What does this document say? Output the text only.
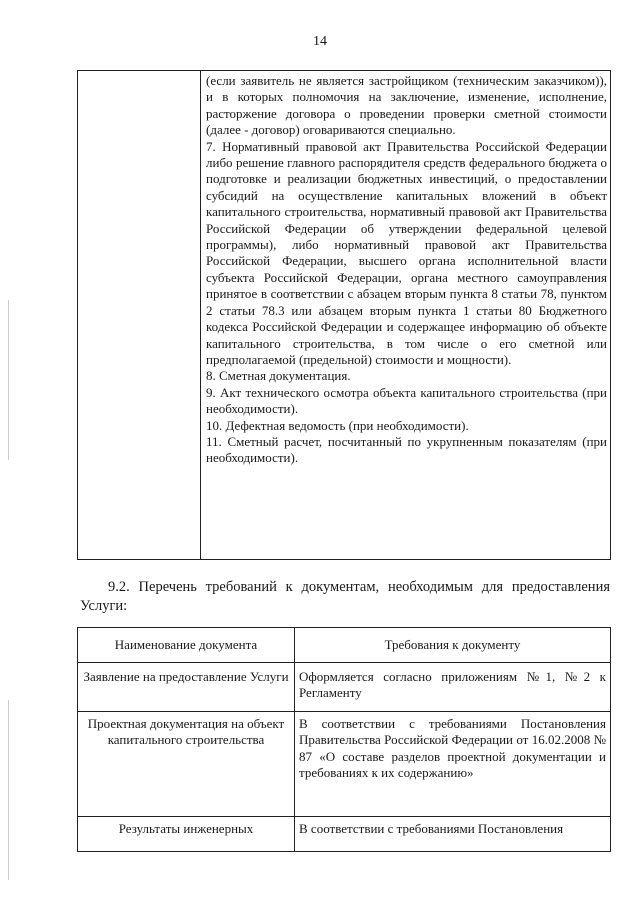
14

(если заявитель не является застройщиком (техническим заказчиком)), и в которых полномочия на заключение, изменение, исполнение, расторжение договора о проведении проверки сметной стоимости (далее - договор) оговариваются специально.
7. Нормативный правовой акт Правительства Российской Федерации либо решение главного распорядителя средств федерального бюджета о подготовке и реализации бюджетных инвестиций, о предоставлении субсидий на осуществление капитальных вложений в объект капитального строительства, нормативный правовой акт Правительства Российской Федерации об утверждении федеральной целевой программы), либо нормативный правовой акт Правительства Российской Федерации, высшего органа исполнительной власти субъекта Российской Федерации, органа местного самоуправления принятое в соответствии с абзацем вторым пункта 8 статьи 78, пунктом 2 статьи 78.3 или абзацем вторым пункта 1 статьи 80 Бюджетного кодекса Российской Федерации и содержащее информацию об объекте капитального строительства, в том числе о его сметной или предполагаемой (предельной) стоимости и мощности).
8. Сметная документация.
9. Акт технического осмотра объекта капитального строительства (при необходимости).
10. Дефектная ведомость (при необходимости).
11. Сметный расчет, посчитанный по укрупненным показателям (при необходимости).
9.2. Перечень требований к документам, необходимым для предоставления Услуги:
Наименование документа	Требования к документу
Заявление на предоставление Услуги	Оформляется согласно приложениям №1, №2 к Регламенту
Проектная документация на объект капитального строительства	В соответствии с требованиями Постановления Правительства Российской Федерации от 16.02.2008 № 87 «О составе разделов проектной документации и требованиях к их содержанию»
Результаты инженерных	В соответствии с требованиями Постановления
